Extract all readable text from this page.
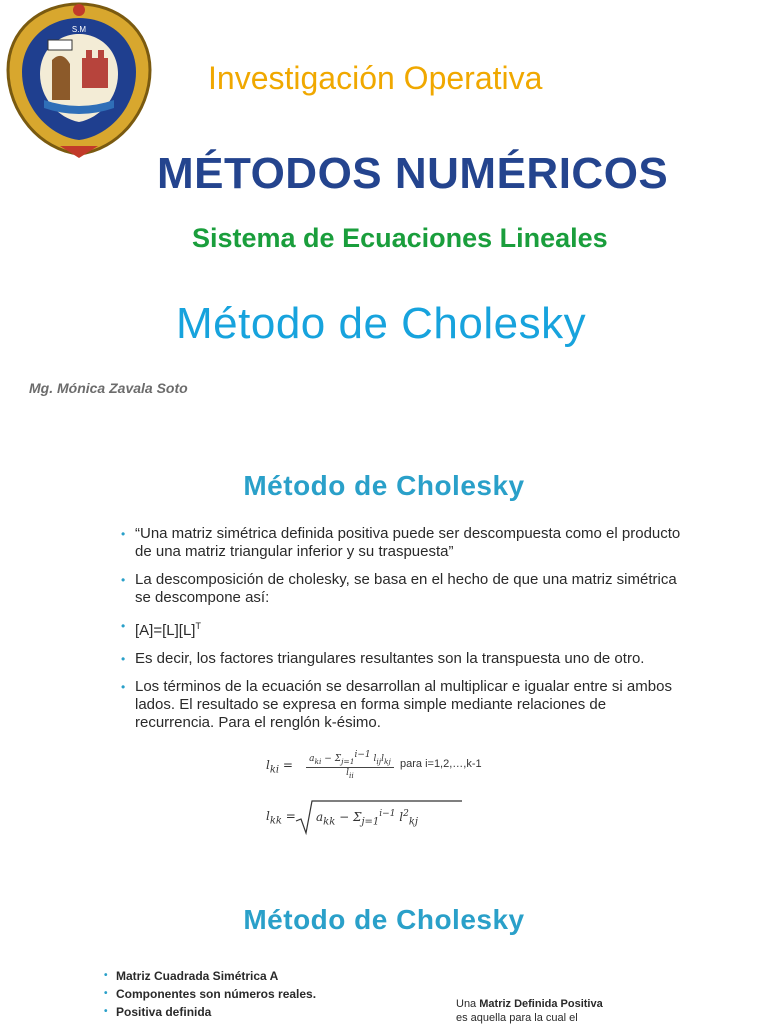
S.M
Investigación Operativa
MÉTODOS NUMÉRICOS
Sistema de Ecuaciones Lineales
Método de Cholesky
Mg. Mónica Zavala Soto
Método de Cholesky
• “Una matriz simétrica definida positiva puede ser descompuesta como el producto de una matriz triangular inferior y su traspuesta”
• La descomposición de cholesky, se basa en el hecho de que una matriz simétrica se descompone así:
• $[A]=[L][L]^T$
• Es decir, los factores triangulares resultantes son la transpuesta uno de otro.
• Los términos de la ecuación se desarrollan al multiplicar e igualar entre si ambos lados. El resultado se expresa en forma simple mediante relaciones de recurrencia. Para el renglón k-ésimo.
$l_{ki}$ =	$a_{ki} - \Sigma_{j=1}^{i-1}$ $l_{ij}l_{kj}$
$l_{ii}$
para i=1,2,…,k-1
$l_{kk} = a_{kk} - \Sigma_{j=1}^{i-1}$ $l^2_{kj}$
Método de Cholesky
• Matriz Cuadrada Simétrica A
• Componentes son números reales.
• Positiva definida
Una Matriz Definida Positiva
es aquella para la cual el
